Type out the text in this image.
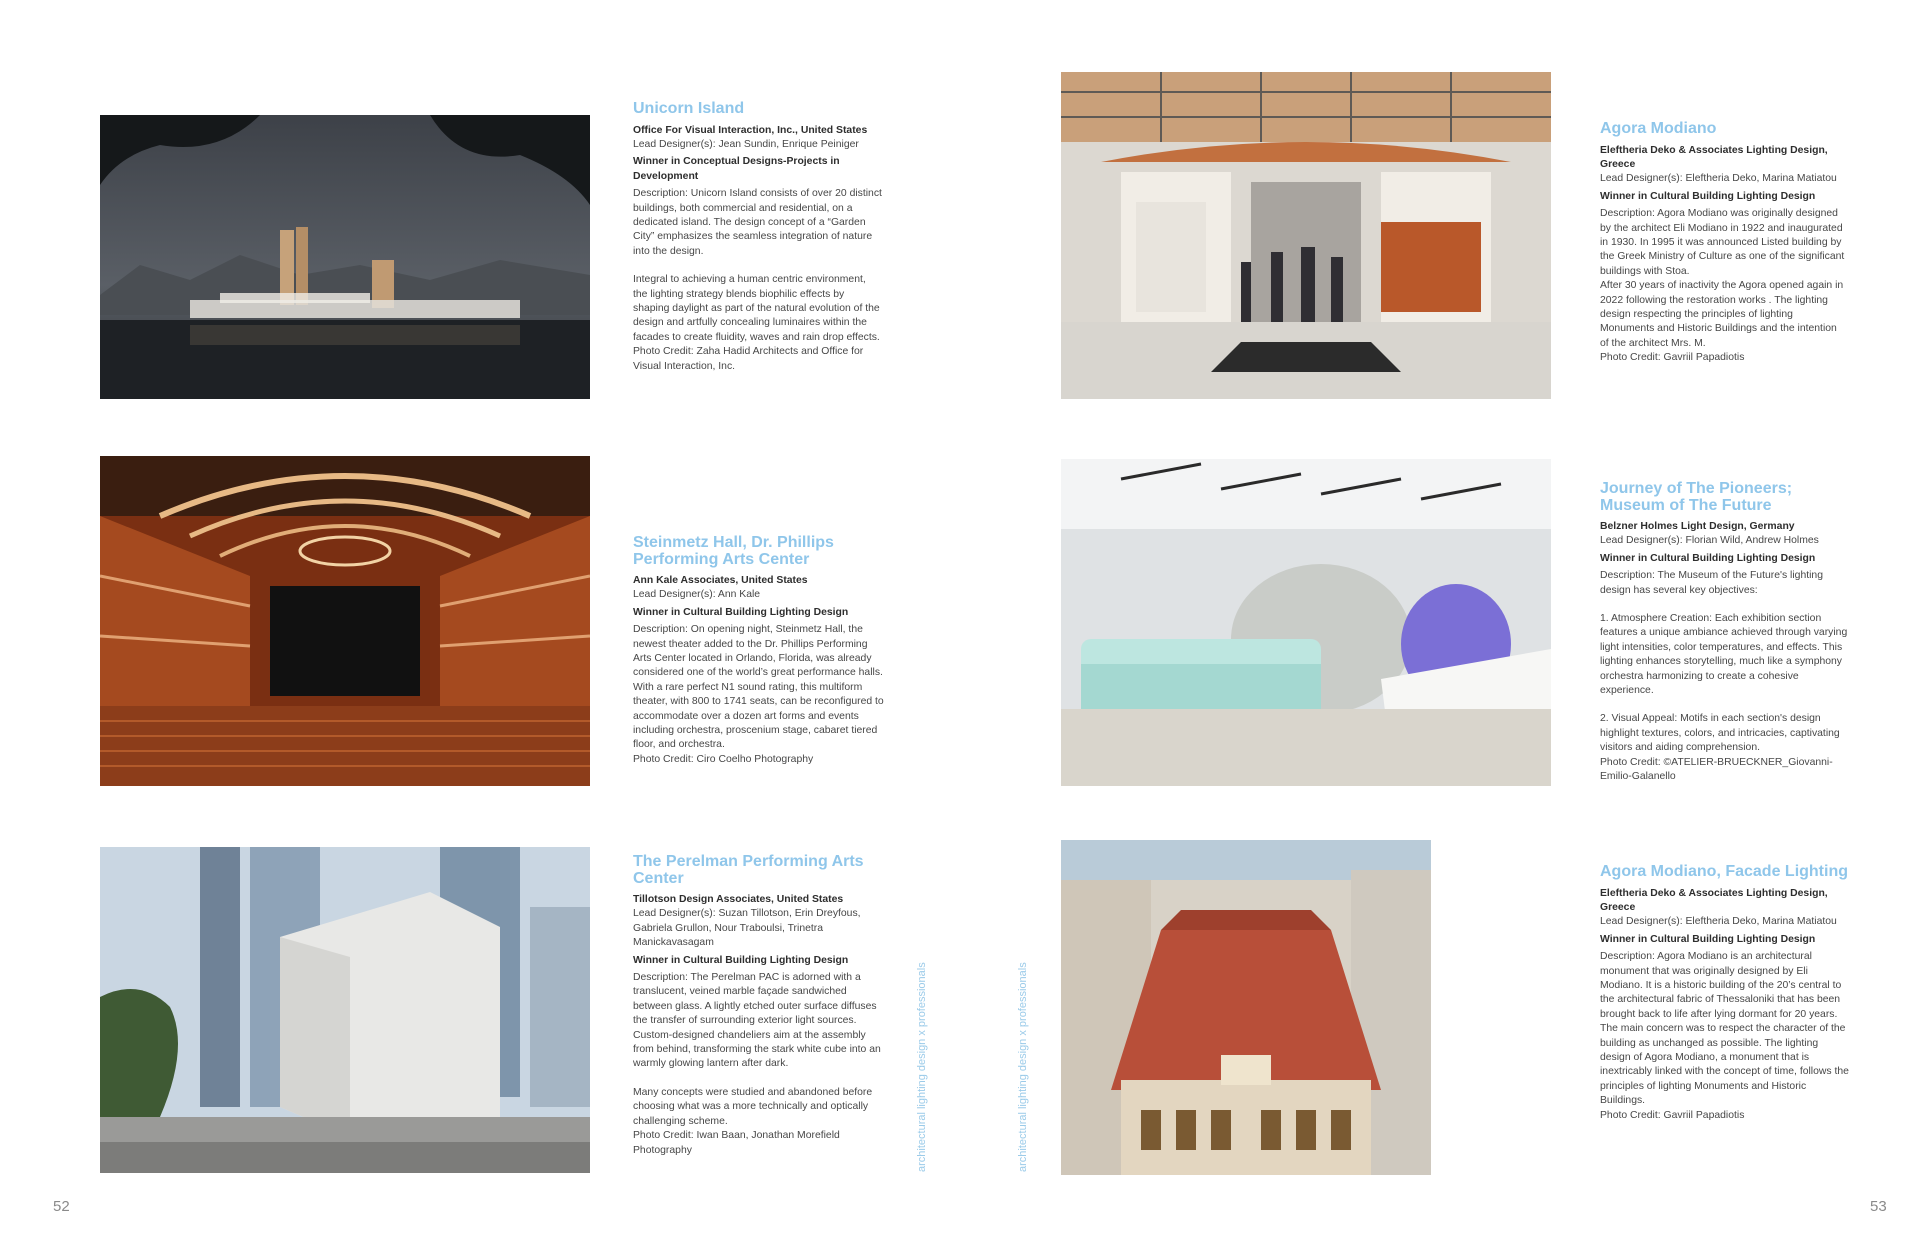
Unicorn Island
Office For Visual Interaction, Inc., United States
Lead Designer(s): Jean Sundin, Enrique Peiniger
Winner in Conceptual Designs-Projects in Development
Description: Unicorn Island consists of over 20 distinct buildings, both commercial and residential, on a dedicated island. The design concept of a “Garden City” emphasizes the seamless integration of nature into the design.
Integral to achieving a human centric environment, the lighting strategy blends biophilic effects by shaping daylight as part of the natural evolution of the design and artfully concealing luminaires within the facades to create fluidity, waves and rain drop effects.
Photo Credit: Zaha Hadid Architects and Office for Visual Interaction, Inc.
Steinmetz Hall, Dr. Phillips Performing Arts Center
Ann Kale Associates, United States
Lead Designer(s): Ann Kale
Winner in Cultural Building Lighting Design
Description: On opening night, Steinmetz Hall, the newest theater added to the Dr. Phillips Performing Arts Center located in Orlando, Florida, was already considered one of the world’s great performance halls. With a rare perfect N1 sound rating, this multiform theater, with 800 to 1741 seats, can be reconfigured to accommodate over a dozen art forms and events including orchestra, proscenium stage, cabaret tiered floor, and orchestra.
Photo Credit: Ciro Coelho Photography
The Perelman Performing Arts Center
Tillotson Design Associates, United States
Lead Designer(s): Suzan Tillotson, Erin Dreyfous, Gabriela Grullon, Nour Traboulsi, Trinetra Manickavasagam
Winner in Cultural Building Lighting Design
Description: The Perelman PAC is adorned with a translucent, veined marble façade sandwiched between glass. A lightly etched outer surface diffuses the transfer of surrounding exterior light sources. Custom-designed chandeliers aim at the assembly from behind, transforming the stark white cube into an warmly glowing lantern after dark.
Many concepts were studied and abandoned before choosing what was a more technically and optically challenging scheme.
Photo Credit: Iwan Baan, Jonathan Morefield Photography	architectural lighting design x professionals
52
Agora Modiano
Eleftheria Deko & Associates Lighting Design, Greece
Lead Designer(s): Eleftheria Deko, Marina Matiatou
Winner in Cultural Building Lighting Design
Description: Agora Modiano was originally designed by the architect Eli Modiano in 1922 and inaugurated in 1930. In 1995 it was announced Listed building by the Greek Ministry of Culture as one of the significant buildings with Stoa.
After 30 years of inactivity the Agora opened again in 2022 following the restoration works . The lighting design respecting the principles of lighting Monuments and Historic Buildings and the intention of the architect Mrs. M.
Photo Credit: Gavriil Papadiotis
Journey of The Pioneers; Museum of The Future
Belzner Holmes Light Design, Germany
Lead Designer(s): Florian Wild, Andrew Holmes
Winner in Cultural Building Lighting Design
Description: The Museum of the Future's lighting design has several key objectives:
1. Atmosphere Creation: Each exhibition section features a unique ambiance achieved through varying light intensities, color temperatures, and effects. This lighting enhances storytelling, much like a symphony orchestra harmonizing to create a cohesive experience.
2. Visual Appeal: Motifs in each section's design highlight textures, colors, and intricacies, captivating visitors and aiding comprehension.
Photo Credit: ©ATELIER-BRUECKNER_Giovanni-Emilio-Galanello
Agora Modiano, Facade Lighting
Eleftheria Deko & Associates Lighting Design, Greece
Lead Designer(s): Eleftheria Deko, Marina Matiatou
Winner in Cultural Building Lighting Design
Description: Agora Modiano is an architectural monument that was originally designed by Eli Modiano. It is a historic building of the 20’s central to the architectural fabric of Thessaloniki that has been brought back to life after lying dormant for 20 years. The main concern was to respect the character of the building as unchanged as possible. The lighting design of Agora Modiano, a monument that is inextricably linked with the concept of time, follows the principles of lighting Monuments and Historic Buildings.
Photo Credit: Gavriil Papadiotis
architectural lighting design x professionals
53
